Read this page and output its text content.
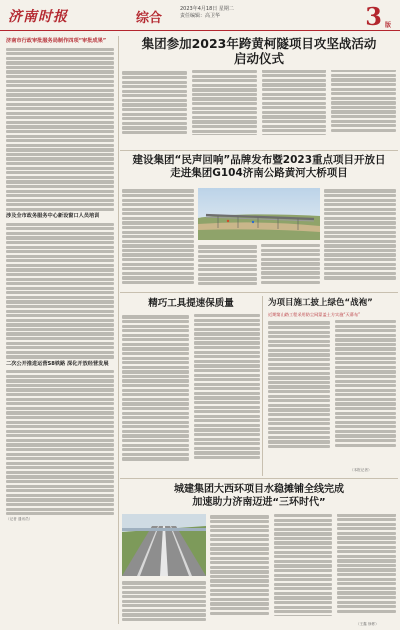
济南时报	综合
2023年4月18日 星期二
责任编辑：高卫华	3 版
济南市行政审批服务局制作四项“审批成果”
涉及全市政务服务中心新设窗口人员培训
二次公开推进运营S8铁路 深化开放经营发展
（记者 通讯员）
集团参加2023年跨黄柯隧项目攻坚战活动
启动仪式
建设集团“民声回响”品牌发布暨2023重点项目开放日
走进集团G104济南公路黄河大桥项目
精巧工具提速保质量	为项目施工披上绿色“战袍”
近期第山路工程采用防尘网蒙盖土方实施“天幕布”
（本报记者）
城建集团大西环项目水稳摊铺全线完成
加速助力济南迈进“三环时代”
（王鑫 徐彬）
